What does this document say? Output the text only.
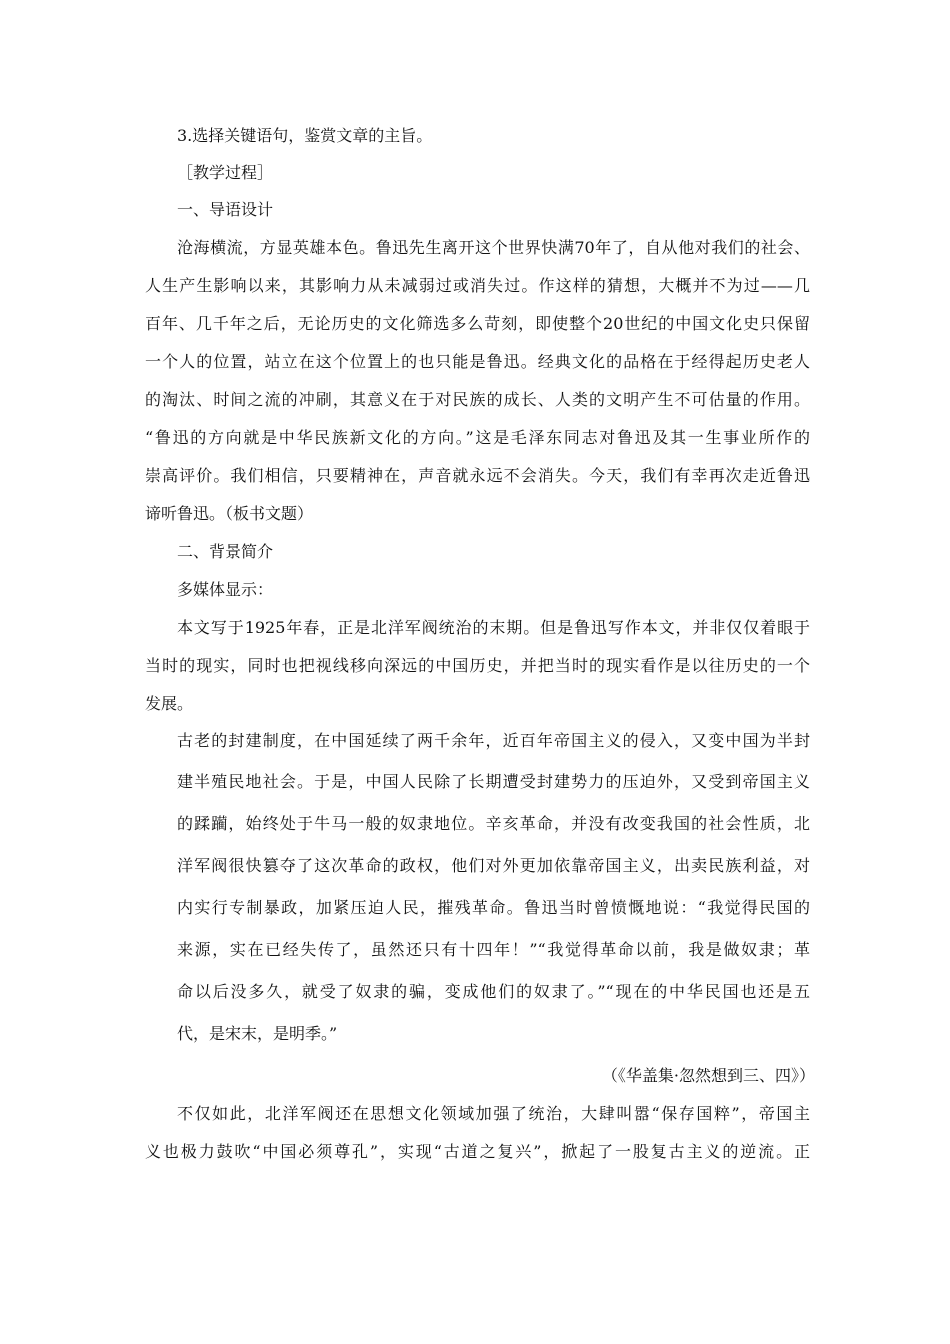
3.选择关键语句，鉴赏文章的主旨。
［教学过程］
一、导语设计
沧海横流，方显英雄本色。鲁迅先生离开这个世界快满70年了，自从他对我们的社会、
人生产生影响以来，其影响力从未减弱过或消失过。作这样的猜想，大概并不为过——几
百年、几千年之后，无论历史的文化筛选多么苛刻，即使整个20世纪的中国文化史只保留
一个人的位置，站立在这个位置上的也只能是鲁迅。经典文化的品格在于经得起历史老人
的淘汰、时间之流的冲刷，其意义在于对民族的成长、人类的文明产生不可估量的作用。
“鲁迅的方向就是中华民族新文化的方向。”这是毛泽东同志对鲁迅及其一生事业所作的
崇高评价。我们相信，只要精神在，声音就永远不会消失。今天，我们有幸再次走近鲁迅
谛听鲁迅。（板书文题）
二、背景简介
多媒体显示：
本文写于1925年春，正是北洋军阀统治的末期。但是鲁迅写作本文，并非仅仅着眼于
当时的现实，同时也把视线移向深远的中国历史，并把当时的现实看作是以往历史的一个
发展。
古老的封建制度，在中国延续了两千余年，近百年帝国主义的侵入，又变中国为半封
建半殖民地社会。于是，中国人民除了长期遭受封建势力的压迫外，又受到帝国主义
的蹂躏，始终处于牛马一般的奴隶地位。辛亥革命，并没有改变我国的社会性质，北
洋军阀很快篡夺了这次革命的政权，他们对外更加依靠帝国主义，出卖民族利益，对
内实行专制暴政，加紧压迫人民，摧残革命。鲁迅当时曾愤慨地说：“我觉得民国的
来源，实在已经失传了，虽然还只有十四年！”“我觉得革命以前，我是做奴隶；革
命以后没多久，就受了奴隶的骗，变成他们的奴隶了。”“现在的中华民国也还是五
代，是宋末，是明季。”
（《华盖集·忽然想到三、四》）
不仅如此，北洋军阀还在思想文化领域加强了统治，大肆叫嚣“保存国粹”，帝国主
义也极力鼓吹“中国必须尊孔”，实现“古道之复兴”，掀起了一股复古主义的逆流。正
